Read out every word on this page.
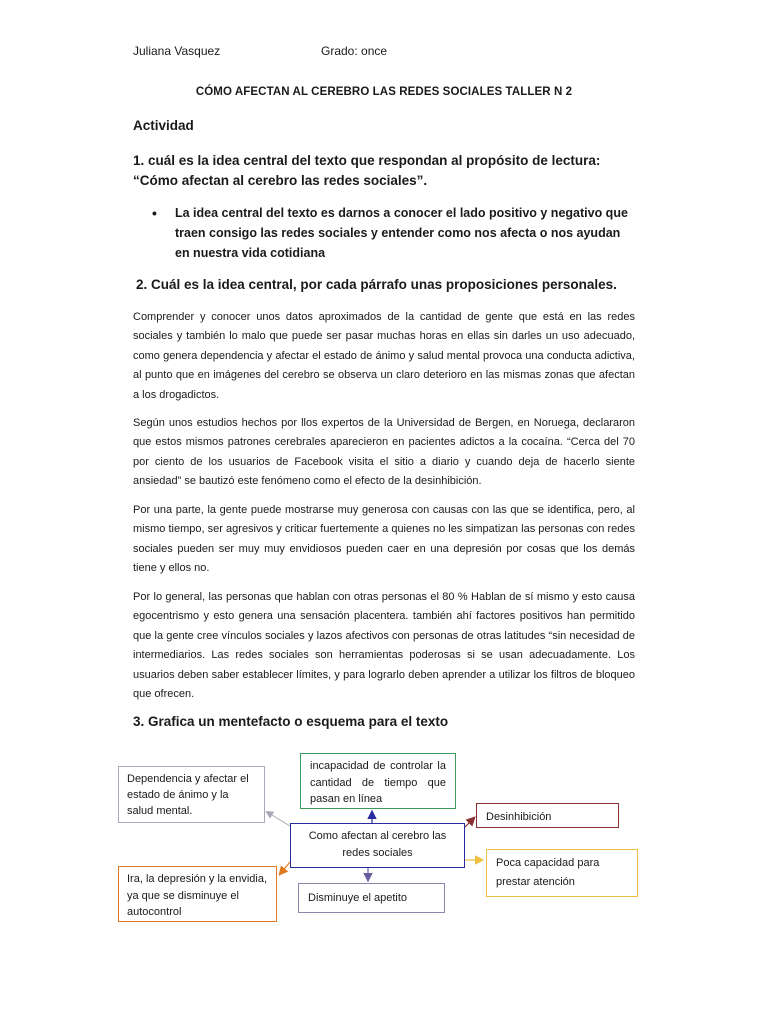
Juliana Vasquez	Grado: once
CÓMO AFECTAN AL CEREBRO LAS REDES SOCIALES TALLER N 2
Actividad
1. cuál es la idea central del texto que respondan al propósito de lectura: “Cómo afectan al cerebro las redes sociales”.
• La idea central del texto es darnos a conocer el lado positivo y negativo que traen consigo las redes sociales y entender como nos afecta o nos ayudan en nuestra vida cotidiana
2. Cuál es la idea central, por cada párrafo unas proposiciones personales.
Comprender y conocer unos datos aproximados de la cantidad de gente que está en las redes sociales y también lo malo que puede ser pasar muchas horas en ellas sin darles un uso adecuado, como genera dependencia y afectar el estado de ánimo y salud mental provoca una conducta adictiva, al punto que en imágenes del cerebro se observa un claro deterioro en las mismas zonas que afectan a los drogadictos.
Según unos estudios hechos por llos expertos de la Universidad de Bergen, en Noruega, declararon que estos mismos patrones cerebrales aparecieron en pacientes adictos a la cocaína. “Cerca del 70 por ciento de los usuarios de Facebook visita el sitio a diario y cuando deja de hacerlo siente ansiedad” se bautizó este fenómeno como el efecto de la desinhibición.
Por una parte, la gente puede mostrarse muy generosa con causas con las que se identifica, pero, al mismo tiempo, ser agresivos y criticar fuertemente a quienes no les simpatizan las personas con redes sociales pueden ser muy muy envidiosos pueden caer en una depresión por cosas que los demás tiene y ellos no.
Por lo general, las personas que hablan con otras personas el 80 % Hablan de sí mismo y esto causa egocentrismo y esto genera una sensación placentera. también ahí factores positivos han permitido que la gente cree vínculos sociales y lazos afectivos con personas de otras latitudes “sin necesidad de intermediarios. Las redes sociales son herramientas poderosas si se usan adecuadamente. Los usuarios deben saber establecer límites, y para lograrlo deben aprender a utilizar los filtros de bloqueo que ofrecen.
3. Grafica un mentefacto o esquema para el texto
Dependencia y afectar el estado de ánimo y la salud mental.
incapacidad de controlar la cantidad de tiempo que pasan en línea
Como afectan al cerebro las redes sociales
Desinhibición
Poca capacidad para prestar atención
Ira, la depresión y la envidia, ya que se disminuye el autocontrol
Disminuye el apetito
